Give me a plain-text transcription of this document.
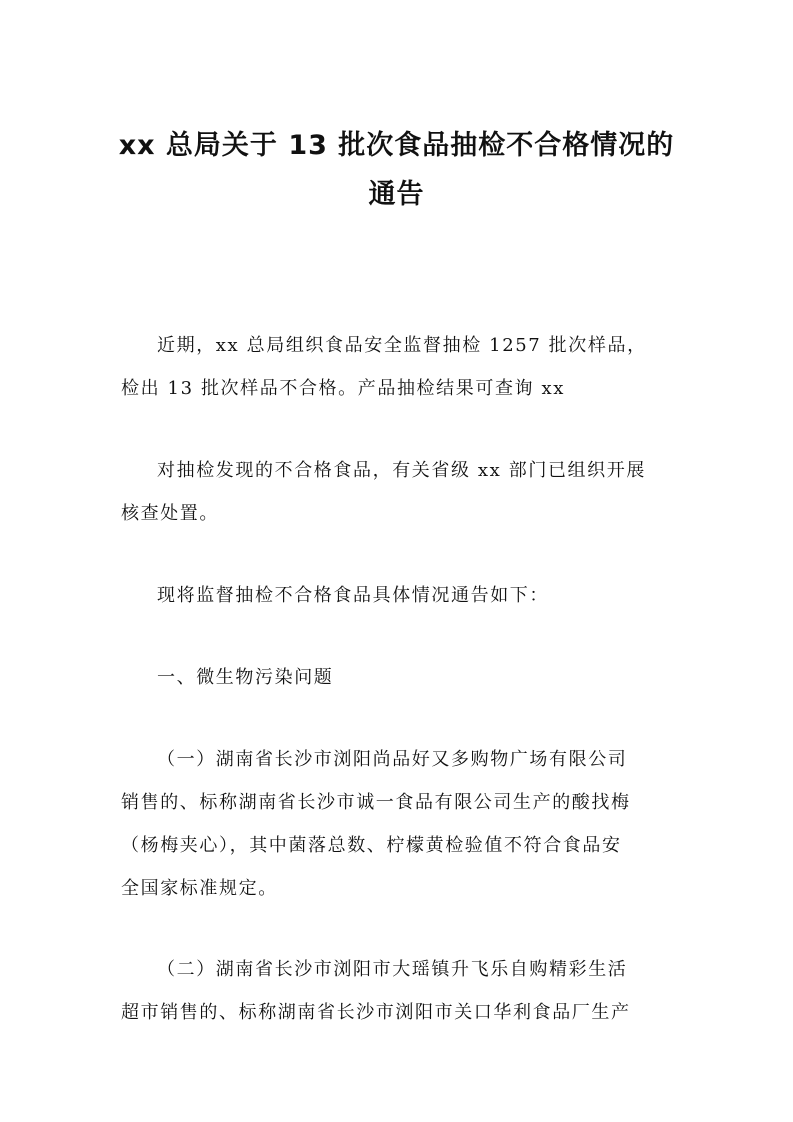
xx 总局关于 13 批次食品抽检不合格情况的
通告
近期，xx 总局组织食品安全监督抽检 1257 批次样品，
检出 13 批次样品不合格。产品抽检结果可查询 xx
对抽检发现的不合格食品，有关省级 xx 部门已组织开展
核查处置。
现将监督抽检不合格食品具体情况通告如下：
一、微生物污染问题
（一）湖南省长沙市浏阳尚品好又多购物广场有限公司
销售的、标称湖南省长沙市诚一食品有限公司生产的酸找梅
（杨梅夹心），其中菌落总数、柠檬黄检验值不符合食品安
全国家标准规定。
（二）湖南省长沙市浏阳市大瑶镇升飞乐自购精彩生活
超市销售的、标称湖南省长沙市浏阳市关口华利食品厂生产
